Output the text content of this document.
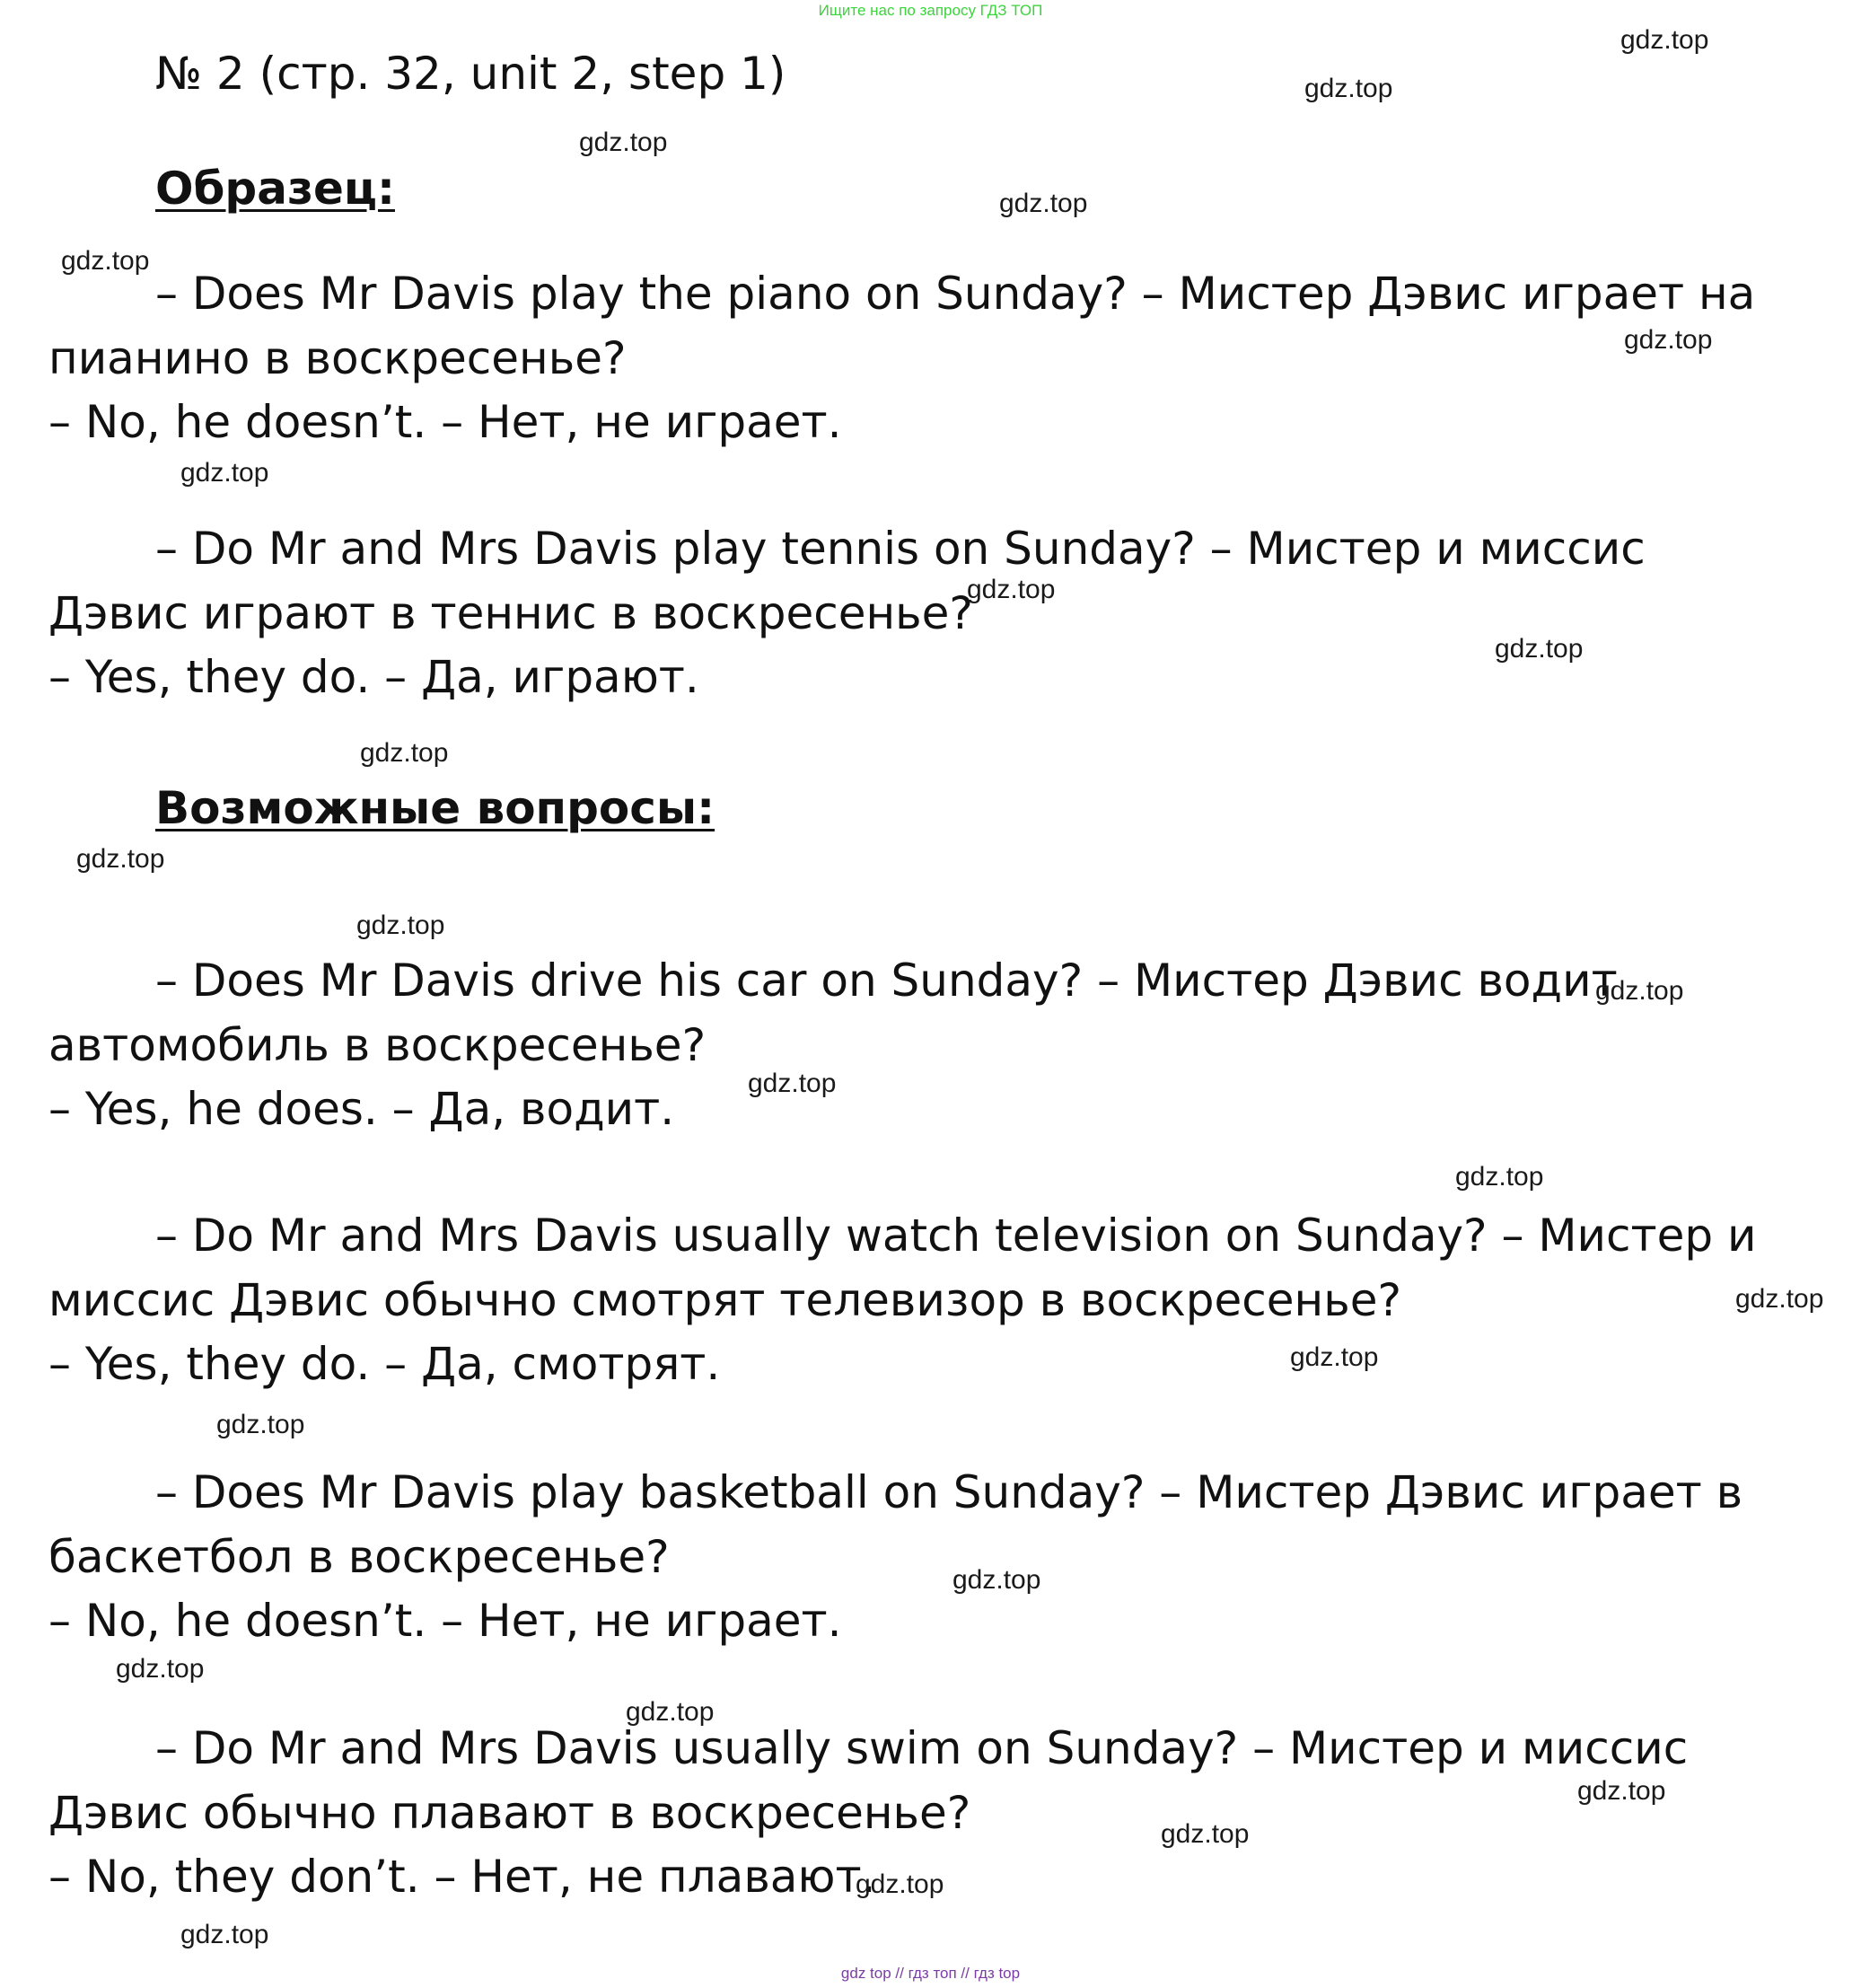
Ищите нас по запросу ГДЗ ТОП
№ 2 (стр. 32, unit 2, step 1)
Образец:

– Does Mr Davis play the piano on Sunday? – Мистер Дэвис играет на пианино в воскресенье?

– No, he doesn’t. – Нет, не играет.

– Do Mr and Mrs Davis play tennis on Sunday? – Мистер и миссис Дэвис играют в теннис в воскресенье?

– Yes, they do. – Да, играют.

Возможные вопросы:

– Does Mr Davis drive his car on Sunday? – Мистер Дэвис водит автомобиль в воскресенье?

– Yes, he does. – Да, водит.

– Do Mr and Mrs Davis usually watch television on Sunday? – Мистер и миссис Дэвис обычно смотрят телевизор в воскресенье?

– Yes, they do. – Да, смотрят.

– Does Mr Davis play basketball on Sunday? – Мистер Дэвис играет в баскетбол в воскресенье?

– No, he doesn’t. – Нет, не играет.

– Do Mr and Mrs Davis usually swim on Sunday? – Мистер и миссис Дэвис обычно плавают в воскресенье?

– No, they don’t. – Нет, не плавают.

gdz.top
gdz.top
gdz.top
gdz.top
gdz.top
gdz.top
gdz.top
gdz.top
gdz.top
gdz.top
gdz.top
gdz.top
gdz.top
gdz.top
gdz.top
gdz.top
gdz.top
gdz.top
gdz.top
gdz.top
gdz.top
gdz.top
gdz.top
gdz.top
gdz.top
gdz top // гдз топ // гдз top
